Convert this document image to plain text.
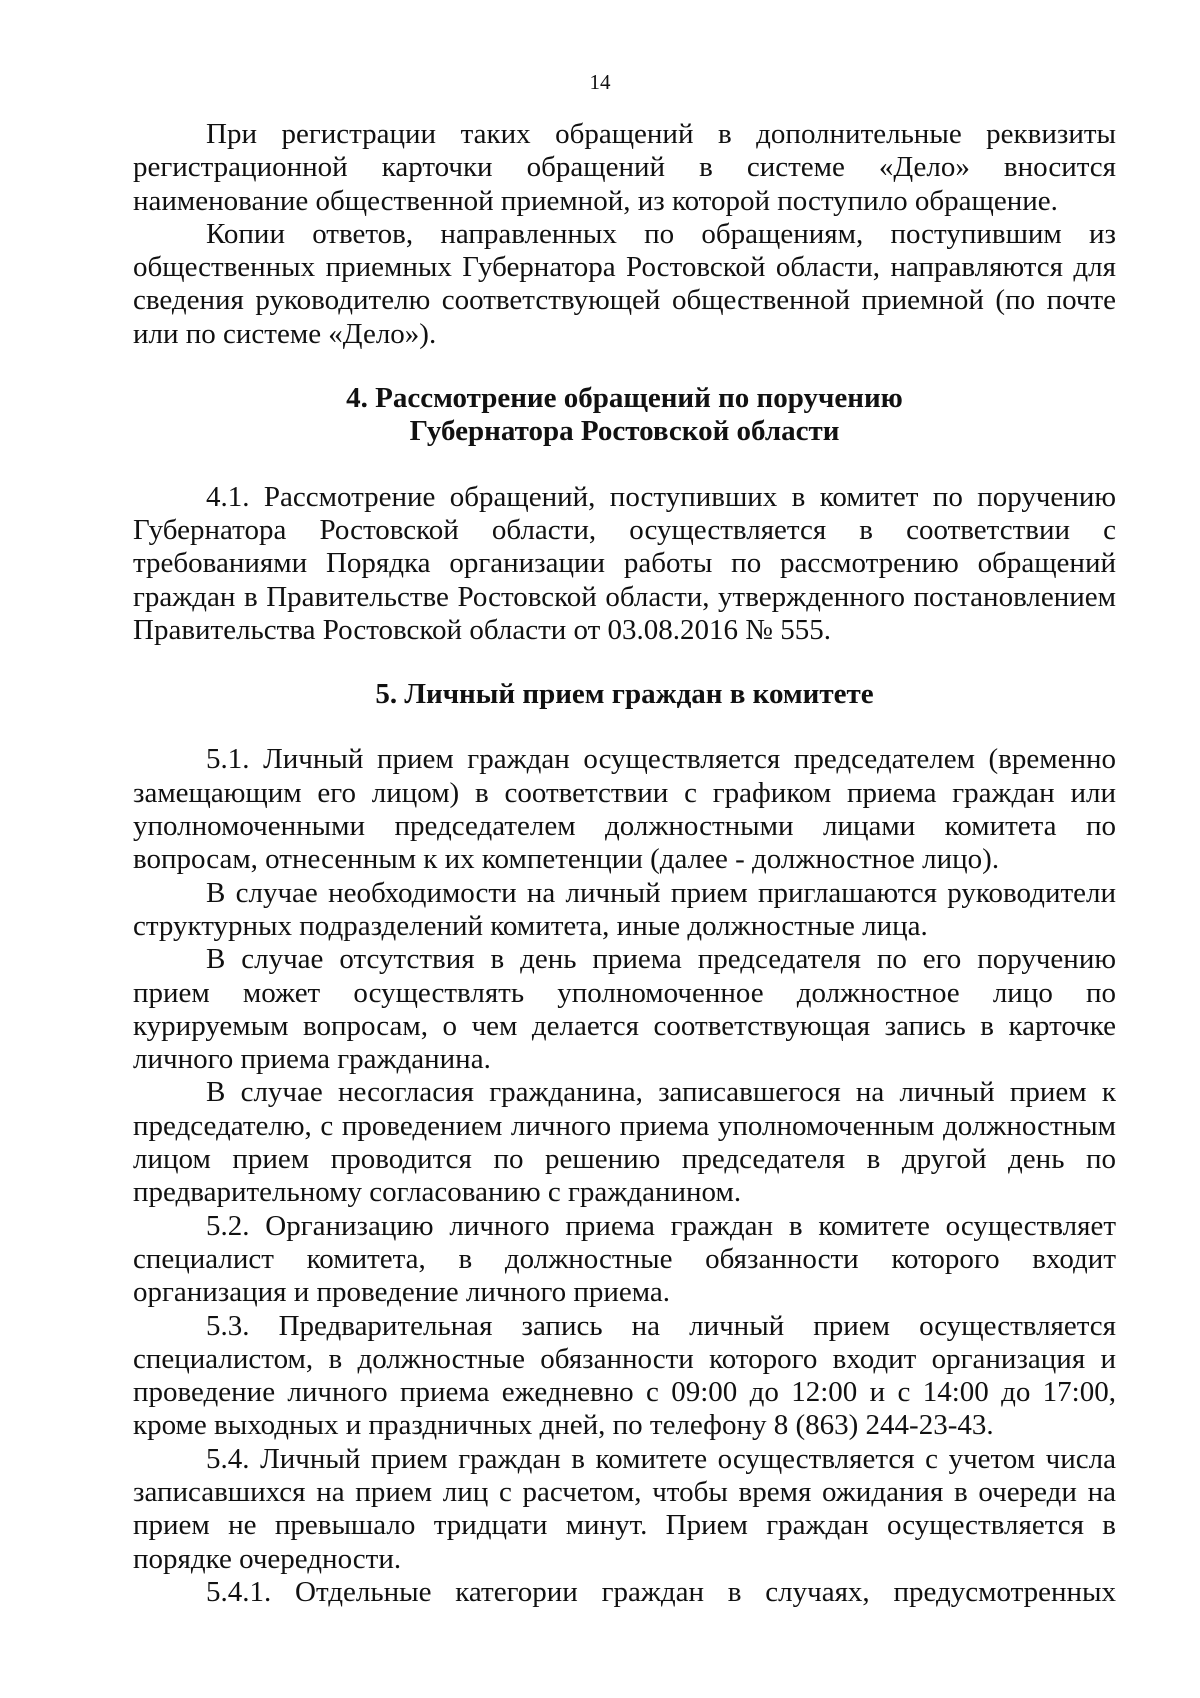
14

При регистрации таких обращений в дополнительные реквизиты регистрационной карточки обращений в системе «Дело» вносится наименование общественной приемной, из которой поступило обращение.

Копии ответов, направленных по обращениям, поступившим из общественных приемных Губернатора Ростовской области, направляются для сведения руководителю соответствующей общественной приемной (по почте или по системе «Дело»).

4. Рассмотрение обращений по поручению
Губернатора Ростовской области

4.1. Рассмотрение обращений, поступивших в комитет по поручению Губернатора Ростовской области, осуществляется в соответствии с требованиями Порядка организации работы по рассмотрению обращений граждан в Правительстве Ростовской области, утвержденного постановлением Правительства Ростовской области от 03.08.2016 № 555.

5. Личный прием граждан в комитете

5.1. Личный прием граждан осуществляется председателем (временно замещающим его лицом) в соответствии с графиком приема граждан или уполномоченными председателем должностными лицами комитета по вопросам, отнесенным к их компетенции (далее - должностное лицо).

В случае необходимости на личный прием приглашаются руководители структурных подразделений комитета, иные должностные лица.

В случае отсутствия в день приема председателя по его поручению прием может осуществлять уполномоченное должностное лицо по курируемым вопросам, о чем делается соответствующая запись в карточке личного приема гражданина.

В случае несогласия гражданина, записавшегося на личный прием к председателю, с проведением личного приема уполномоченным должностным лицом прием проводится по решению председателя в другой день по предварительному согласованию с гражданином.

5.2. Организацию личного приема граждан в комитете осуществляет специалист комитета, в должностные обязанности которого входит организация и проведение личного приема.

5.3. Предварительная запись на личный прием осуществляется специалистом, в должностные обязанности которого входит организация и проведение личного приема ежедневно с 09:00 до 12:00 и с 14:00 до 17:00, кроме выходных и праздничных дней, по телефону 8 (863) 244-23-43.

5.4. Личный прием граждан в комитете осуществляется с учетом числа записавшихся на прием лиц с расчетом, чтобы время ожидания в очереди на прием не превышало тридцати минут. Прием граждан осуществляется в порядке очередности.

5.4.1. Отдельные категории граждан в случаях, предусмотренных
